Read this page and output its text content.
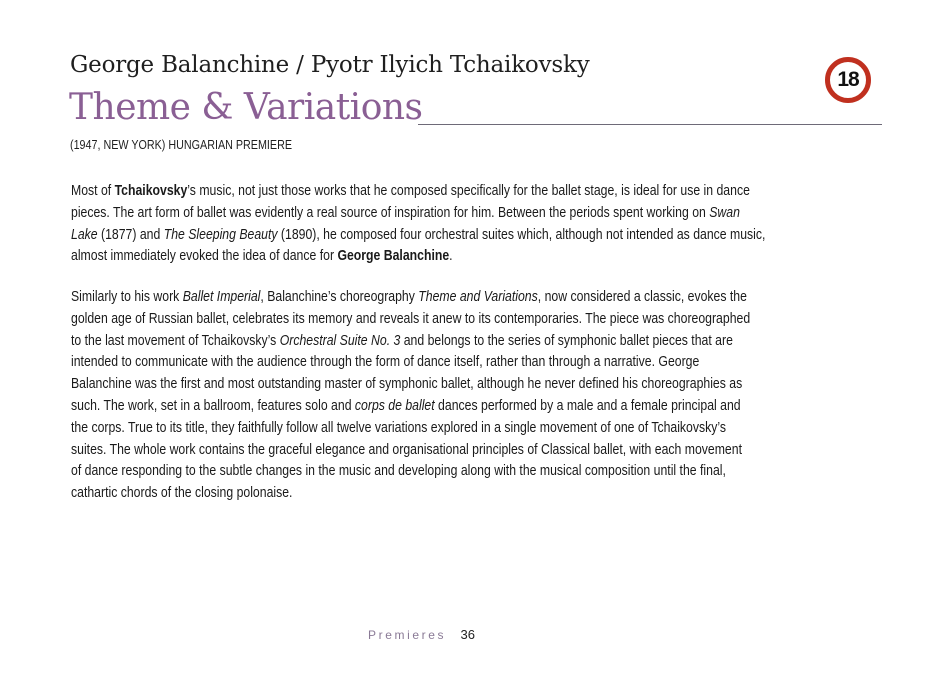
George Balanchine / Pyotr Ilyich Tchaikovsky
Theme & Variations
(1947, NEW YORK) HUNGARIAN PREMIERE
18
Most of Tchaikovsky’s music, not just those works that he composed specifically for the ballet stage, is ideal for use in dance
pieces. The art form of ballet was evidently a real source of inspiration for him. Between the periods spent working on Swan
Lake (1877) and The Sleeping Beauty (1890), he composed four orchestral suites which, although not intended as dance music,
almost immediately evoked the idea of dance for George Balanchine.
Similarly to his work Ballet Imperial, Balanchine’s choreography Theme and Variations, now considered a classic, evokes the
golden age of Russian ballet, celebrates its memory and reveals it anew to its contemporaries. The piece was choreographed
to the last movement of Tchaikovsky’s Orchestral Suite No. 3 and belongs to the series of symphonic ballet pieces that are
intended to communicate with the audience through the form of dance itself, rather than through a narrative. George
Balanchine was the first and most outstanding master of symphonic ballet, although he never defined his choreographies as
such. The work, set in a ballroom, features solo and corps de ballet dances performed by a male and a female principal and
the corps. True to its title, they faithfully follow all twelve variations explored in a single movement of one of Tchaikovsky’s
suites. The whole work contains the graceful elegance and organisational principles of Classical ballet, with each movement
of dance responding to the subtle changes in the music and developing along with the musical composition until the final,
cathartic chords of the closing polonaise.
Premieres 36
